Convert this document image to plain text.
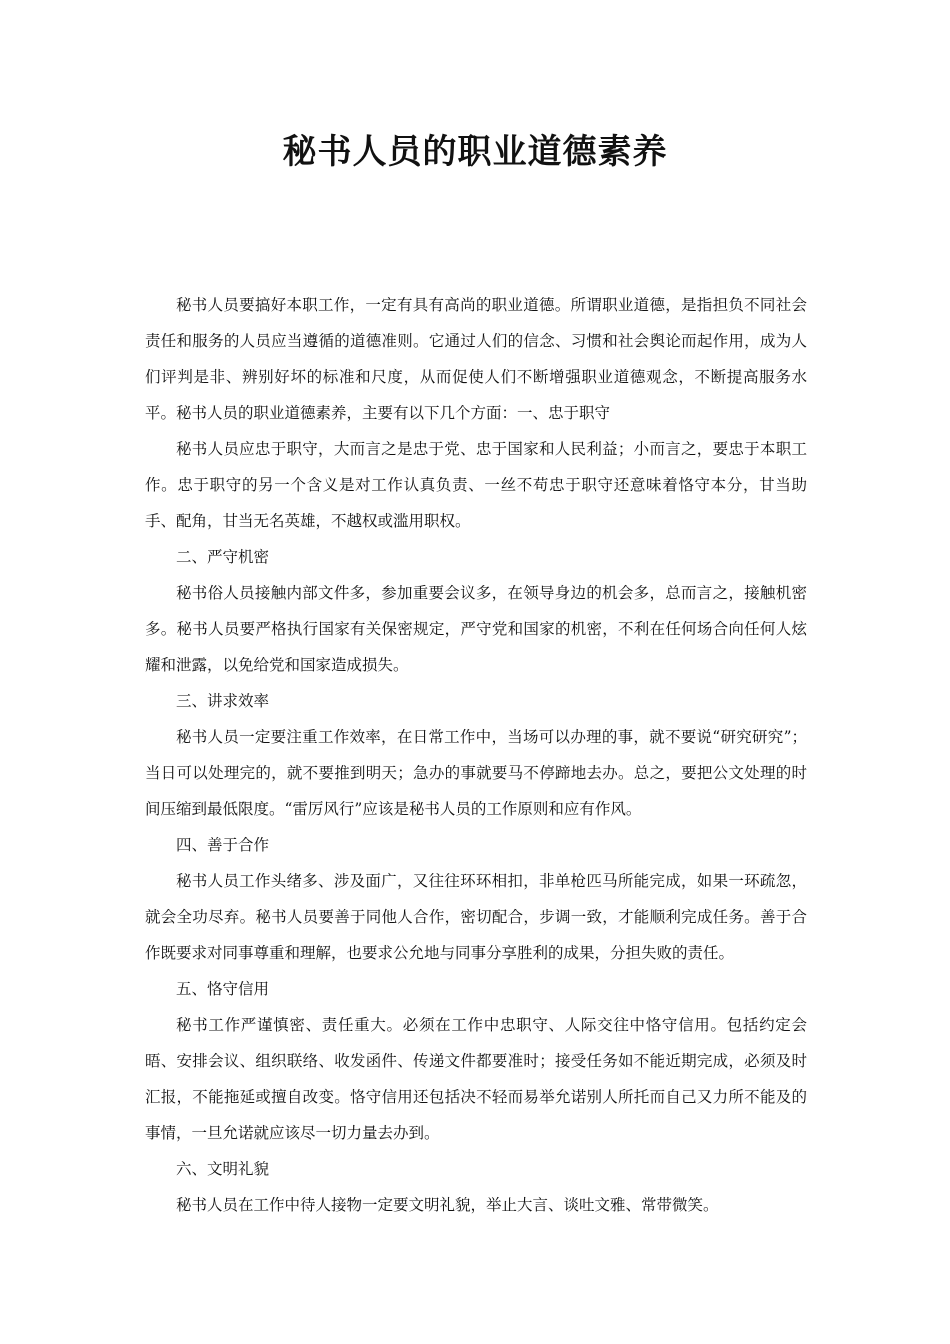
秘书人员的职业道德素养

秘书人员要搞好本职工作，一定有具有高尚的职业道德。所谓职业道德，是指担负不同社会责任和服务的人员应当遵循的道德准则。它通过人们的信念、习惯和社会舆论而起作用，成为人们评判是非、辨别好坏的标准和尺度，从而促使人们不断增强职业道德观念，不断提高服务水平。秘书人员的职业道德素养，主要有以下几个方面：一、忠于职守

秘书人员应忠于职守，大而言之是忠于党、忠于国家和人民利益；小而言之，要忠于本职工作。忠于职守的另一个含义是对工作认真负责、一丝不苟忠于职守还意味着恪守本分，甘当助手、配角，甘当无名英雄，不越权或滥用职权。

二、严守机密

秘书俗人员接触内部文件多，参加重要会议多，在领导身边的机会多，总而言之，接触机密多。秘书人员要严格执行国家有关保密规定，严守党和国家的机密，不利在任何场合向任何人炫耀和泄露，以免给党和国家造成损失。

三、讲求效率

秘书人员一定要注重工作效率，在日常工作中，当场可以办理的事，就不要说“研究研究”；当日可以处理完的，就不要推到明天；急办的事就要马不停蹄地去办。总之，要把公文处理的时间压缩到最低限度。“雷厉风行”应该是秘书人员的工作原则和应有作风。

四、善于合作

秘书人员工作头绪多、涉及面广，又往往环环相扣，非单枪匹马所能完成，如果一环疏忽，就会全功尽弃。秘书人员要善于同他人合作，密切配合，步调一致，才能顺利完成任务。善于合作既要求对同事尊重和理解，也要求公允地与同事分享胜利的成果，分担失败的责任。

五、恪守信用

秘书工作严谨慎密、责任重大。必须在工作中忠职守、人际交往中恪守信用。包括约定会晤、安排会议、组织联络、收发函件、传递文件都要准时；接受任务如不能近期完成，必须及时汇报，不能拖延或擅自改变。恪守信用还包括决不轻而易举允诺别人所托而自己又力所不能及的事情，一旦允诺就应该尽一切力量去办到。

六、文明礼貌

秘书人员在工作中待人接物一定要文明礼貌，举止大言、谈吐文雅、常带微笑。
